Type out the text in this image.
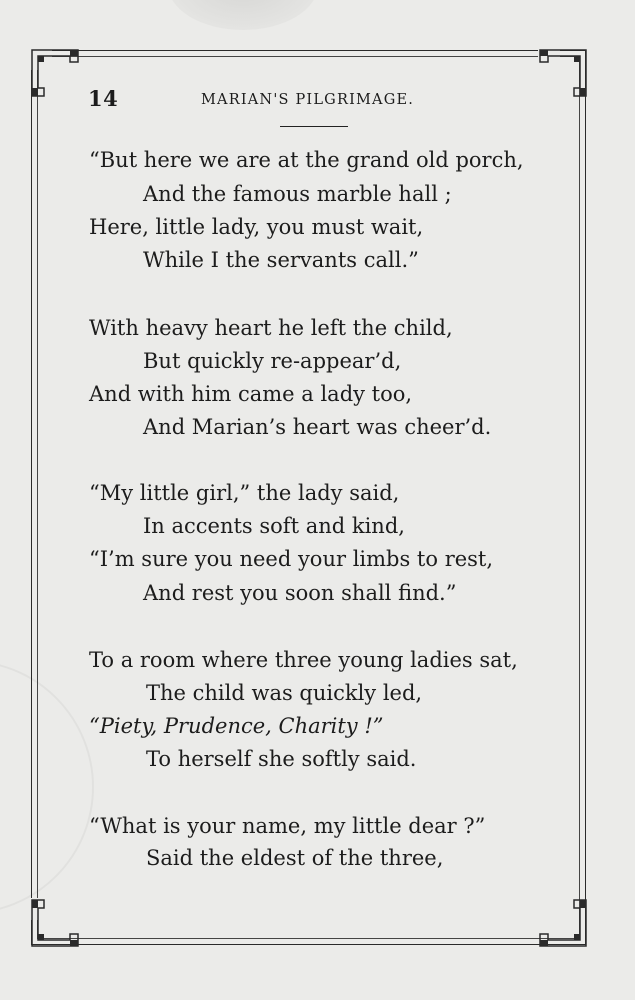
14	MARIAN'S PILGRIMAGE.
“But here we are at the grand old porch,
And the famous marble hall ;
Here, little lady, you must wait,
While I the servants call.”
With heavy heart he left the child,
But quickly re-appear’d,
And with him came a lady too,
And Marian’s heart was cheer’d.
“My little girl,” the lady said,
In accents soft and kind,
“I’m sure you need your limbs to rest,
And rest you soon shall find.”
To a room where three young ladies sat,
The child was quickly led,
“Piety, Prudence, Charity !”
To herself she softly said.
“What is your name, my little dear ?”
Said the eldest of the three,
